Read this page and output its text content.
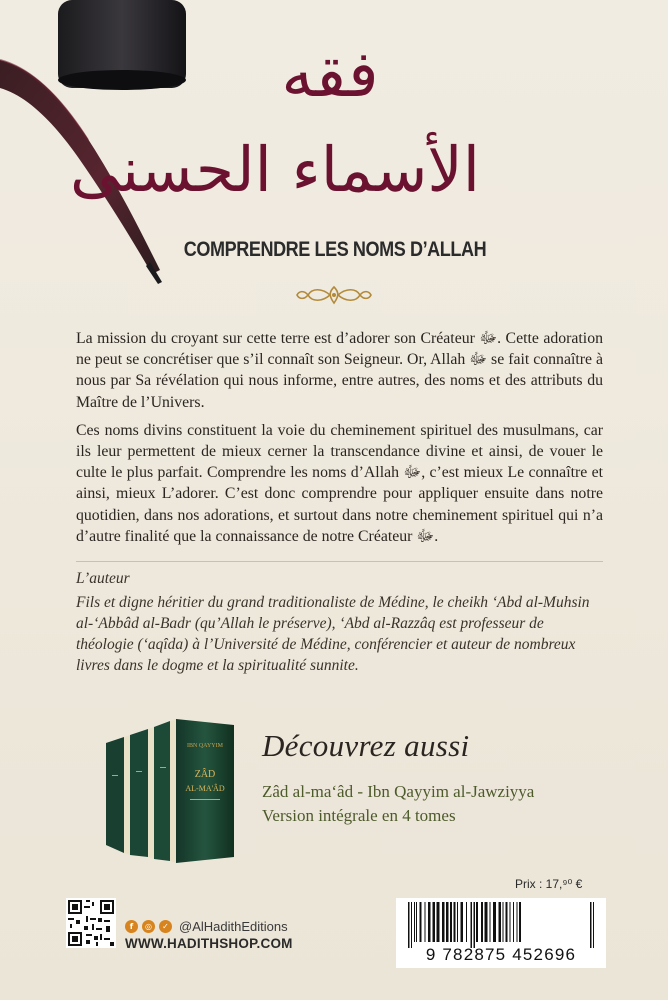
فقه
الأسماء الحسنى
COMPRENDRE LES NOMS D’ALLAH

La mission du croyant sur cette terre est d’adorer son Créateur ﷻ. Cette adoration ne peut se concrétiser que s’il connaît son Seigneur. Or, Allah ﷻ se fait connaître à nous par Sa révélation qui nous informe, entre autres, des noms et des attributs du Maître de l’Univers.

Ces noms divins constituent la voie du cheminement spirituel des musulmans, car ils leur permettent de mieux cerner la transcendance divine et ainsi, de vouer le culte le plus parfait. Comprendre les noms d’Allah ﷻ, c’est mieux Le connaître et ainsi, mieux L’adorer. C’est donc comprendre pour appliquer ensuite dans notre quotidien, dans nos adorations, et surtout dans notre cheminement spirituel qui n’a d’autre finalité que la connaissance de notre Créateur ﷻ.

L’auteur
Fils et digne héritier du grand traditionaliste de Médine, le cheikh ‘Abd al-Muhsin al-‘Abbâd al-Badr (qu’Allah le préserve), ‘Abd al-Razzâq est professeur de théologie (‘aqîda) à l’Université de Médine, conférencier et auteur de nombreux livres dans le dogme et la spiritualité sunnite.
IBN QAYYIM
ZÂD
AL-MA'ÂD
Découvrez aussi
Zâd al-ma‘âd - Ibn Qayyim al-Jawziyya
Version intégrale en 4 tomes
f	◎	✓ @AlHadithEditions
WWW.HADITHSHOP.COM
Prix : 17,⁹⁰ €
9 782875 452696
